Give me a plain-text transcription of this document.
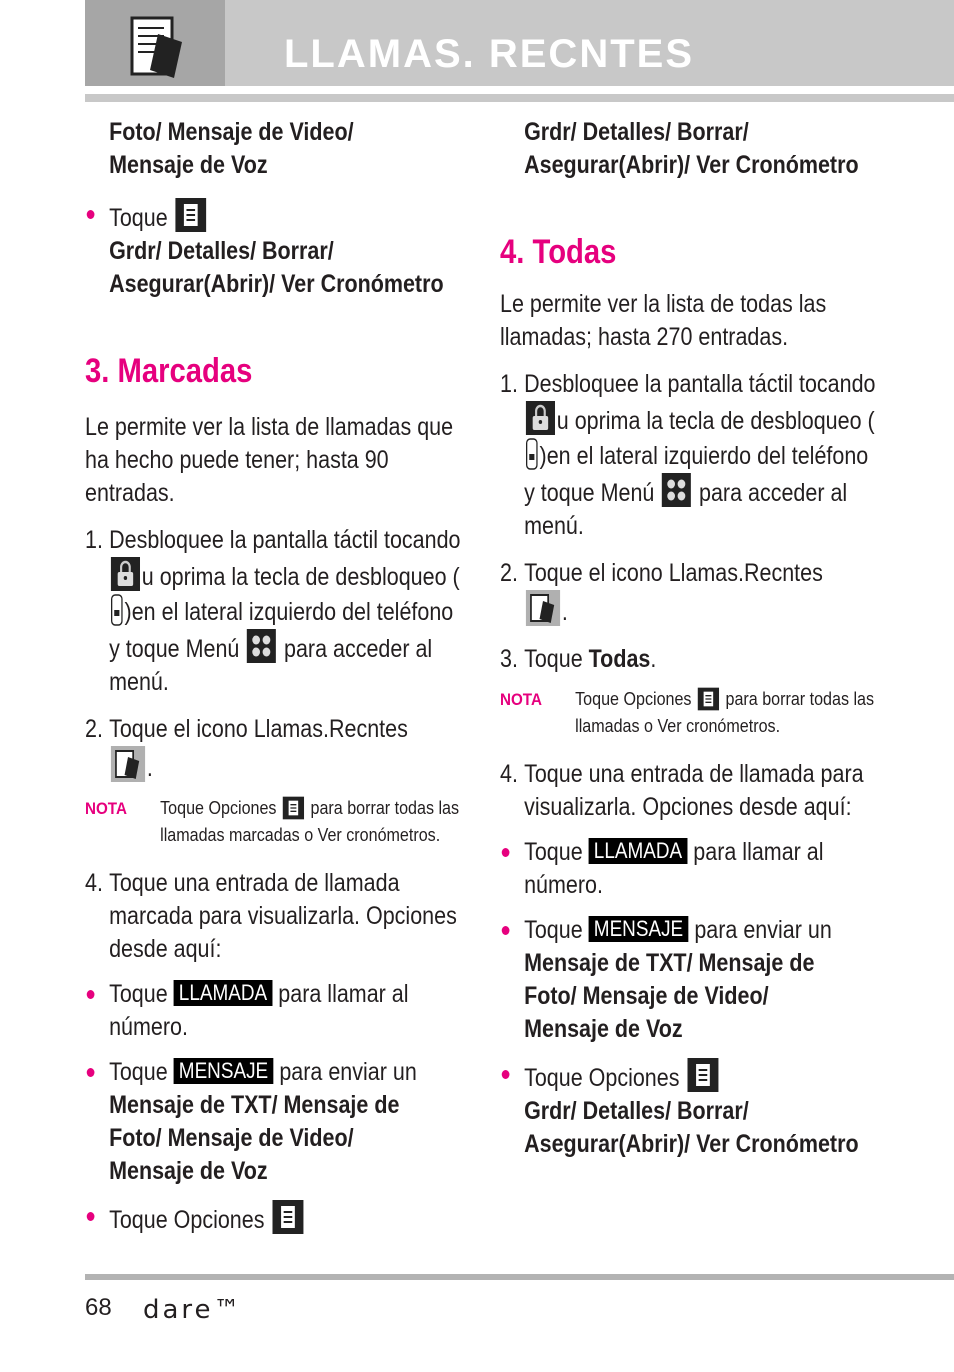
LLAMAS. RECNTES
Foto/ Mensaje de Video/
Mensaje de Voz
Toque
Grdr/ Detalles/ Borrar/
Asegurar(Abrir)/ Ver Cronómetro
3. Marcadas
Le permite ver la lista de llamadas que ha hecho puede tener; hasta 90 entradas.
1. Desbloquee la pantalla táctil tocando u oprima la tecla de desbloqueo ( )en el lateral izquierdo del teléfono y toque Menú para acceder al menú.
2. Toque el icono Llamas.Recntes
.
NOTA Toque Opciones para borrar todas las llamadas marcadas o Ver cronómetros.
4. Toque una entrada de llamada marcada para visualizarla. Opciones desde aquí:
Toque LLAMADA para llamar al número.
Toque MENSAJE para enviar un
Mensaje de TXT/ Mensaje de
Foto/ Mensaje de Video/
Mensaje de Voz
Toque Opciones
Grdr/ Detalles/ Borrar/
Asegurar(Abrir)/ Ver Cronómetro
4. Todas
Le permite ver la lista de todas las llamadas; hasta 270 entradas.
1. Desbloquee la pantalla táctil tocando u oprima la tecla de desbloqueo ( )en el lateral izquierdo del teléfono y toque Menú para acceder al menú.
2. Toque el icono Llamas.Recntes
.
3. Toque Todas.
NOTA Toque Opciones para borrar todas las llamadas o Ver cronómetros.
4. Toque una entrada de llamada para visualizarla. Opciones desde aquí:
Toque LLAMADA para llamar al número.
Toque MENSAJE para enviar un
Mensaje de TXT/ Mensaje de
Foto/ Mensaje de Video/
Mensaje de Voz
Toque Opciones
Grdr/ Detalles/ Borrar/
Asegurar(Abrir)/ Ver Cronómetro
68 dare™
